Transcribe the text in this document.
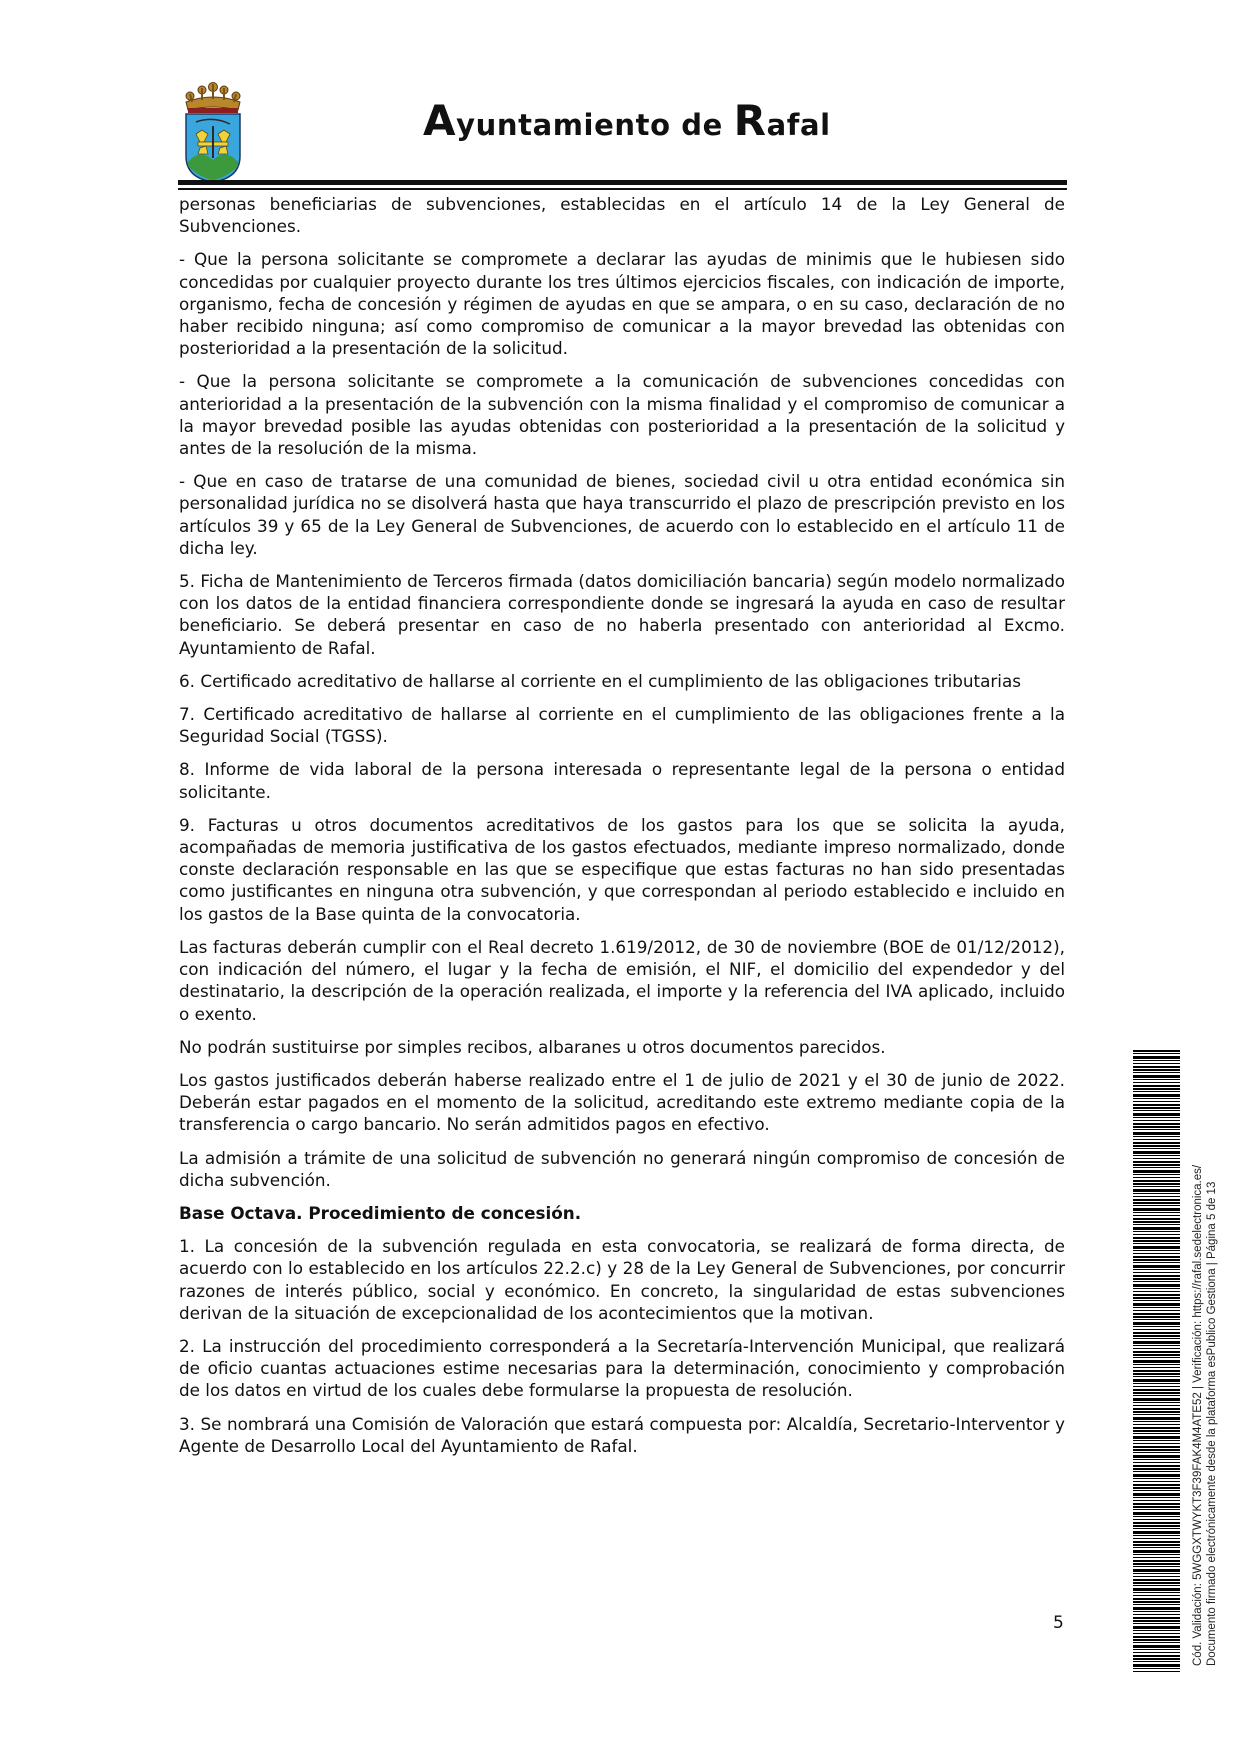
Ayuntamiento de Rafal

personas beneficiarias de subvenciones, establecidas en el artículo 14 de la Ley General de Subvenciones.

- Que la persona solicitante se compromete a declarar las ayudas de minimis que le hubiesen sido concedidas por cualquier proyecto durante los tres últimos ejercicios fiscales, con indicación de importe, organismo, fecha de concesión y régimen de ayudas en que se ampara, o en su caso, declaración de no haber recibido ninguna; así como compromiso de comunicar a la mayor brevedad las obtenidas con posterioridad a la presentación de la solicitud.

- Que la persona solicitante se compromete a la comunicación de subvenciones concedidas con anterioridad a la presentación de la subvención con la misma finalidad y el compromiso de comunicar a la mayor brevedad posible las ayudas obtenidas con posterioridad a la presentación de la solicitud y antes de la resolución de la misma.

- Que en caso de tratarse de una comunidad de bienes, sociedad civil u otra entidad económica sin personalidad jurídica no se disolverá hasta que haya transcurrido el plazo de prescripción previsto en los artículos 39 y 65 de la Ley General de Subvenciones, de acuerdo con lo establecido en el artículo 11 de dicha ley.

5. Ficha de Mantenimiento de Terceros firmada (datos domiciliación bancaria) según modelo normalizado con los datos de la entidad financiera correspondiente donde se ingresará la ayuda en caso de resultar beneficiario. Se deberá presentar en caso de no haberla presentado con anterioridad al Excmo. Ayuntamiento de Rafal.

6. Certificado acreditativo de hallarse al corriente en el cumplimiento de las obligaciones tributarias

7. Certificado acreditativo de hallarse al corriente en el cumplimiento de las obligaciones frente a la Seguridad Social (TGSS).

8. Informe de vida laboral de la persona interesada o representante legal de la persona o entidad solicitante.

9. Facturas u otros documentos acreditativos de los gastos para los que se solicita la ayuda, acompañadas de memoria justificativa de los gastos efectuados, mediante impreso normalizado, donde conste declaración responsable en las que se especifique que estas facturas no han sido presentadas como justificantes en ninguna otra subvención, y que correspondan al periodo establecido e incluido en los gastos de la Base quinta de la convocatoria.

Las facturas deberán cumplir con el Real decreto 1.619/2012, de 30 de noviembre (BOE de 01/12/2012), con indicación del número, el lugar y la fecha de emisión, el NIF, el domicilio del expendedor y del destinatario, la descripción de la operación realizada, el importe y la referencia del IVA aplicado, incluido o exento.

No podrán sustituirse por simples recibos, albaranes u otros documentos parecidos.

Los gastos justificados deberán haberse realizado entre el 1 de julio de 2021 y el 30 de junio de 2022. Deberán estar pagados en el momento de la solicitud, acreditando este extremo mediante copia de la transferencia o cargo bancario. No serán admitidos pagos en efectivo.

La admisión a trámite de una solicitud de subvención no generará ningún compromiso de concesión de dicha subvención.

Base Octava. Procedimiento de concesión.

1. La concesión de la subvención regulada en esta convocatoria, se realizará de forma directa, de acuerdo con lo establecido en los artículos 22.2.c) y 28 de la Ley General de Subvenciones, por concurrir razones de interés público, social y económico. En concreto, la singularidad de estas subvenciones derivan de la situación de excepcionalidad de los acontecimientos que la motivan.

2. La instrucción del procedimiento corresponderá a la Secretaría-Intervención Municipal, que realizará de oficio cuantas actuaciones estime necesarias para la determinación, conocimiento y comprobación de los datos en virtud de los cuales debe formularse la propuesta de resolución.

3. Se nombrará una Comisión de Valoración que estará compuesta por: Alcaldía, Secretario-Interventor y Agente de Desarrollo Local del Ayuntamiento de Rafal.	Cód. Validación: 5WGGXTWYKT3F39FAK4M4ATE52 | Verificación: https://rafal.sedelectronica.es/ Documento firmado electrónicamente desde la plataforma esPublico Gestiona | Página 5 de 13
5
